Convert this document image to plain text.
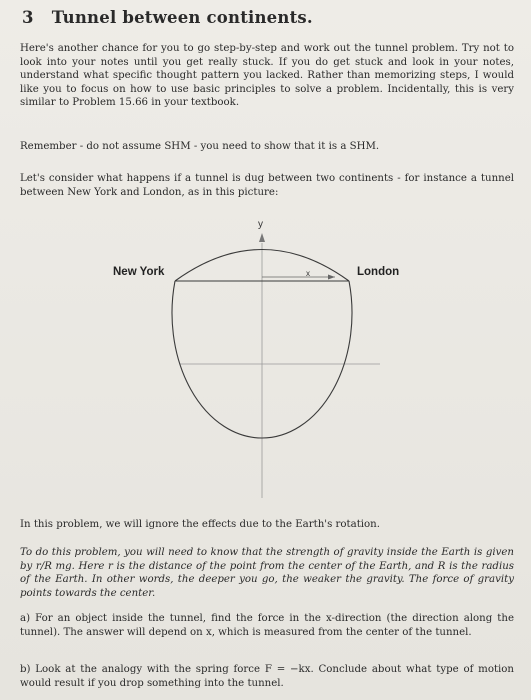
3 Tunnel between continents.
Here's another chance for you to go step-by-step and work out the tunnel problem. Try not to look into your notes until you get really stuck. If you do get stuck and look in your notes, understand what specific thought pattern you lacked. Rather than memorizing steps, I would like you to focus on how to use basic principles to solve a problem. Incidentally, this is very similar to Problem 15.66 in your textbook.
Remember - do not assume SHM - you need to show that it is a SHM.
Let's consider what happens if a tunnel is dug between two continents - for instance a tunnel between New York and London, as in this picture:
y
x
New York	London
In this problem, we will ignore the effects due to the Earth's rotation.
To do this problem, you will need to know that the strength of gravity inside the Earth is given by r/R mg. Here r is the distance of the point from the center of the Earth, and R is the radius of the Earth. In other words, the deeper you go, the weaker the gravity. The force of gravity points towards the center.
a) For an object inside the tunnel, find the force in the x-direction (the direction along the tunnel). The answer will depend on x, which is measured from the center of the tunnel.
b) Look at the analogy with the spring force F = −kx. Conclude about what type of motion would result if you drop something into the tunnel.
